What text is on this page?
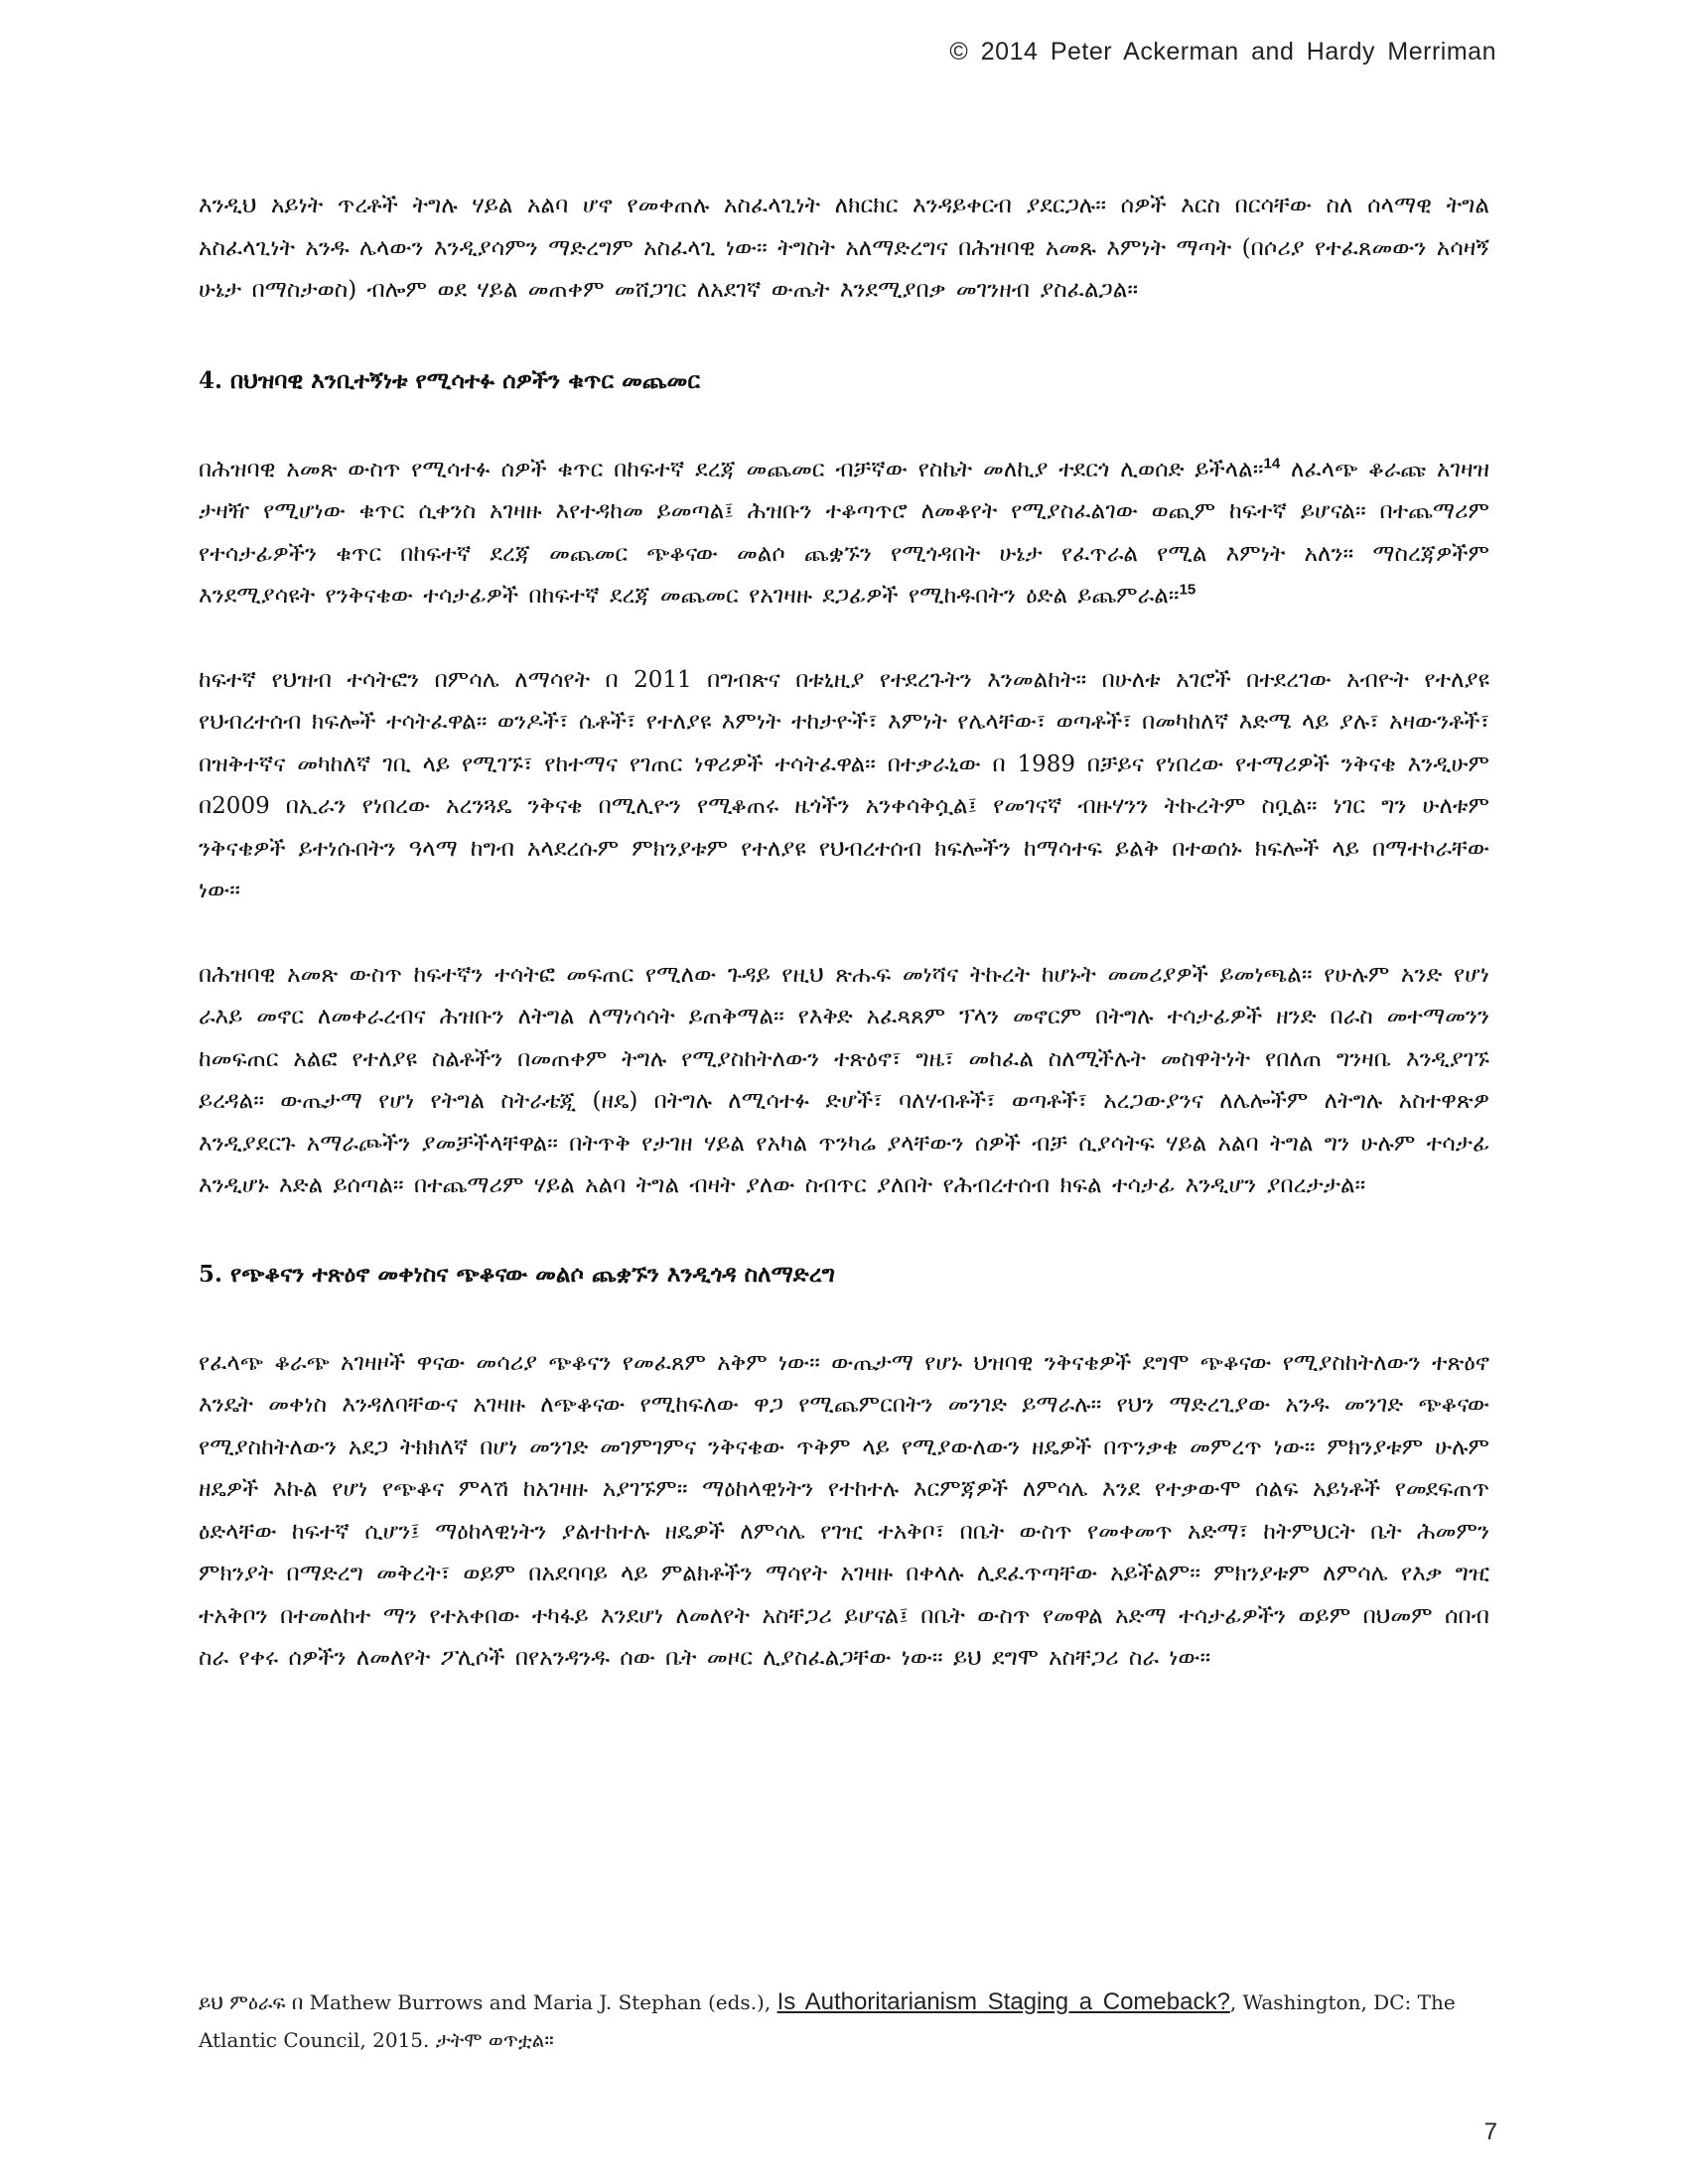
© 2014 Peter Ackerman and Hardy Merriman

እንዲህ አይነት ጥረቶች ትግሉ ሃይል አልባ ሆኖ የመቀጠሉ አስፈላጊነት ለክርክር እንዳይቀርብ ያደርጋሉ። ሰዎች እርስ በርሳቸው ስለ ሰላማዊ ትግል አስፈላጊነት አንዱ ሌላውን እንዲያሳምን ማድረግም አስፈላጊ ነው። ትግስት አለማድረግና በሕዝባዊ አመጹ እምነት ማጣት (በሶሪያ የተፈጸመውን አሳዛኝ ሁኔታ በማስታወስ) ብሎም ወደ ሃይል መጠቀም መሸጋገር ለአደገኛ ውጤት እንደሚያበቃ መገንዘብ ያስፈልጋል።

4. በህዝባዊ እንቢተኝነቱ የሚሳተፉ ሰዎችን ቁጥር መጨመር

በሕዝባዊ አመጽ ውስጥ የሚሳተፉ ሰዎች ቁጥር በከፍተኛ ደረጃ መጨመር ብቻኛው የስኬት መለኪያ ተደርጎ ሊወሰድ ይችላል።$^{14}$ ለፈላጭ ቆራጩ አገዛዝ ታዛዥ የሚሆነው ቁጥር ሲቀንስ አገዛዙ እየተዳከመ ይመጣል፤ ሕዝቡን ተቆጣጥሮ ለመቆየት የሚያስፈልገው ወጪም ከፍተኛ ይሆናል። በተጨማሪም የተሳታፊዎችን ቁጥር በከፍተኛ ደረጃ መጨመር ጭቆናው መልሶ ጨቋኙን የሚጎዳበት ሁኔታ የፈጥራል የሚል እምነት አለን። ማስረጃዎችም እንደሚያሳዩት የንቅናቄው ተሳታፊዎች በከፍተኛ ደረጃ መጨመር የአገዛዙ ደጋፊዎች የሚከዱበትን ዕድል ይጨምራል።$^{15}$

ከፍተኛ የህዝብ ተሳትፎን በምሳሌ ለማሳየት በ 2011 በግብጽና በቱኒዚያ የተደረጉትን እንመልከት። በሁለቱ አገሮች በተደረገው አብዮት የተለያዩ የህብረተሰብ ክፍሎች ተሳትፈዋል። ወንዶች፣ ሴቶች፣ የተለያዩ እምነት ተከታዮች፣ እምነት የሌላቸው፣ ወጣቶች፣ በመካከለኛ እድሜ ላይ ያሉ፣ አዛውንቶች፣ በዝቅተኛና መካከለኛ ገቢ ላይ የሚገኙ፣ የከተማና የገጠር ነዋሪዎች ተሳትፈዋል። በተቃራኒው በ 1989 በቻይና የነበረው የተማሪዎች ንቅናቄ እንዲሁም በ2009 በኢራን የነበረው አረንጓዴ ንቅናቄ በሚሊዮን የሚቆጠሩ ዜጎችን አንቀሳቅሷል፤ የመገናኛ ብዙሃንን ትኩረትም ስቧል። ነገር ግን ሁለቱም ንቅናቄዎች ይተነሱበትን ዓላማ ከግብ አላደረሱም ምክንያቱም የተለያዩ የህብረተሰብ ክፍሎችን ከማሳተፍ ይልቅ በተወሰኑ ክፍሎች ላይ በማተኮራቸው ነው።

በሕዝባዊ አመጽ ውስጥ ከፍተኛን ተሳትፎ መፍጠር የሚለው ጉዳይ የዚህ ጽሑፍ መነሻና ትኩረት ከሆኑት መመሪያዎች ይመነጫል። የሁሉም አንድ የሆነ ራእይ መኖር ለመቀራረብና ሕዝቡን ለትግል ለማነሳሳት ይጠቅማል። የእቅድ አፈጻጸም ፕላን መኖርም በትግሉ ተሳታፊዎች ዘንድ በራስ መተማመንን ከመፍጠር አልፎ የተለያዩ ስልቶችን በመጠቀም ትግሉ የሚያስከትለውን ተጽዕኖ፣ ግዜ፣ መከፈል ስለሚችሉት መስዋትነት የበለጠ ግንዛቤ እንዲያገኙ ይረዳል። ውጤታማ የሆነ የትግል ስትራቴጂ (ዘዴ) በትግሉ ለሚሳተፉ ድሆች፣ ባለሃብቶች፣ ወጣቶች፣ አረጋውያንና ለሌሎችም ለትግሉ አስተዋጽዎ እንዲያደርጉ አማራጮችን ያመቻችላቸዋል። በትጥቅ የታገዘ ሃይል የአካል ጥንካሬ ያላቸውን ሰዎች ብቻ ሲያሳትፍ ሃይል አልባ ትግል ግን ሁሉም ተሳታፊ እንዲሆኑ እድል ይሰጣል። በተጨማሪም ሃይል አልባ ትግል ብዛት ያለው ስብጥር ያለበት የሕብረተሰብ ክፍል ተሳታፊ እንዲሆን ያበረታታል።

5. የጭቆናን ተጽዕኖ መቀነስና ጭቆናው መልሶ ጨቋኙን እንዲጎዳ ስለማድረግ

የፈላጭ ቆራጭ አገዛዞች ዋናው መሳሪያ ጭቆናን የመፈጸም አቅም ነው። ውጤታማ የሆኑ ህዝባዊ ንቅናቄዎች ደግሞ ጭቆናው የሚያስከትለውን ተጽዕኖ እንዴት መቀነስ እንዳለባቸውና አገዛዙ ለጭቆናው የሚከፍለው ዋጋ የሚጨምርበትን መንገድ ይማራሉ። የህን ማድረጊያው አንዱ መንገድ ጭቆናው የሚያስከትለውን አደጋ ትክክለኛ በሆነ መንገድ መገምገምና ንቅናቄው ጥቅም ላይ የሚያውለውን ዘዴዎች በጥንቃቄ መምረጥ ነው። ምክንያቱም ሁሉም ዘዴዎች እኩል የሆነ የጭቆና ምላሽ ከአገዛዙ አያገኙም። ማዕከላዊነትን የተከተሉ እርምጃዎች ለምሳሌ እንደ የተቃውሞ ሰልፍ አይነቶች የመደፍጠጥ ዕድላቸው ከፍተኛ ሲሆን፤ ማዕከላዊነትን ያልተከተሉ ዘዴዎች ለምሳሌ የገዢ ተአቅቦ፣ በቤት ውስጥ የመቀመጥ አድማ፣ ከትምህርት ቤት ሕመምን ምክንያት በማድረግ መቅረት፣ ወይም በአደባባይ ላይ ምልክቶችን ማሳየት አገዛዙ በቀላሉ ሊደፈጥጣቸው አይችልም። ምክንያቱም ለምሳሌ የእቃ ግዢ ተአቅቦን በተመለከተ ማን የተአቀበው ተካፋይ እንደሆነ ለመለየት አስቸጋሪ ይሆናል፤ በቤት ውስጥ የመዋል አድማ ተሳታፊዎችን ወይም በህመም ሰበብ ስራ የቀሩ ሰዎችን ለመለየት ፖሊሶች በየአንዳንዱ ሰው ቤት መዞር ሊያስፈልጋቸው ነው። ይህ ደግሞ አስቸጋሪ ስራ ነው።

ይህ ምዕራፍ በ Mathew Burrows and Maria J. Stephan (eds.), Is Authoritarianism Staging a Comeback?, Washington, DC: The Atlantic Council, 2015. ታትሞ ወጥቷል።
7
